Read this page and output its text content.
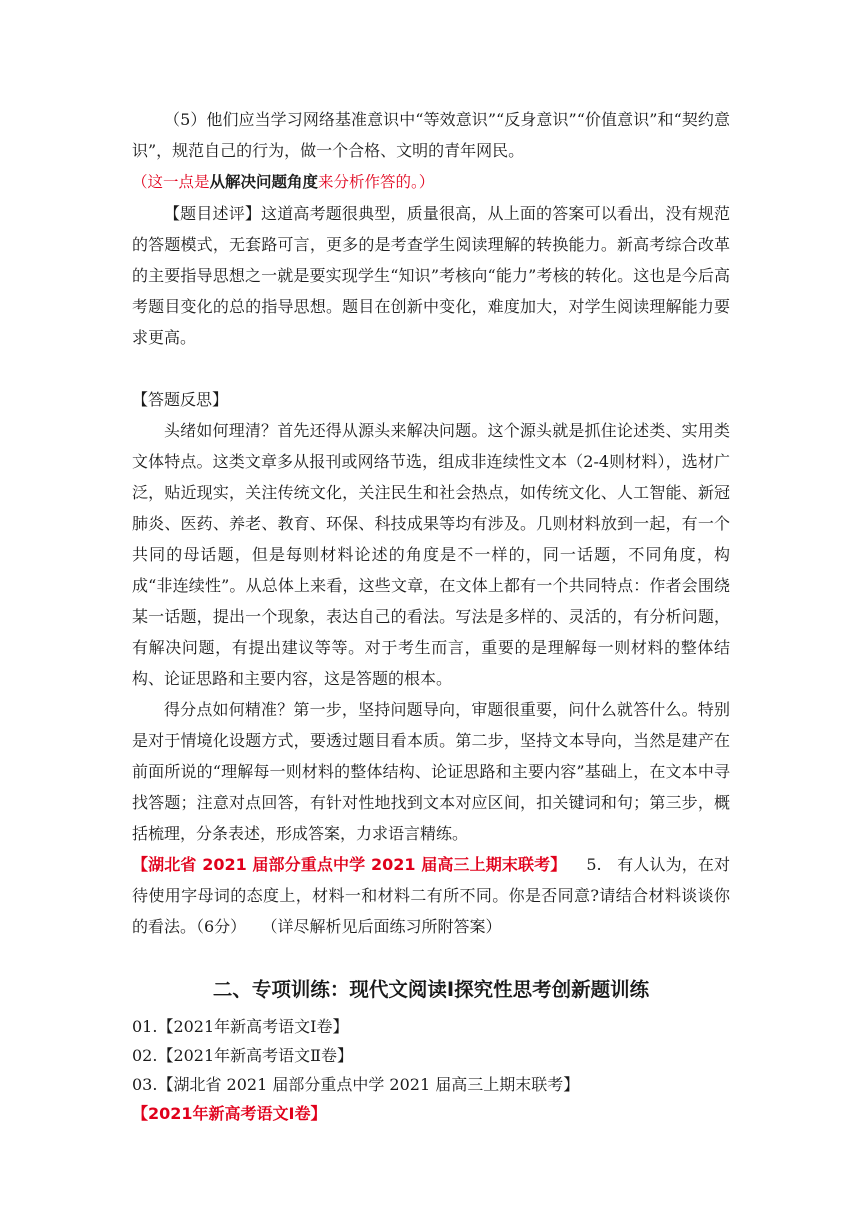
（5）他们应当学习网络基准意识中“等效意识”“反身意识”“价值意识”和“契约意识”，规范自己的行为，做一个合格、文明的青年网民。

（这一点是从解决问题角度来分析作答的。）

【题目述评】这道高考题很典型，质量很高，从上面的答案可以看出，没有规范的答题模式，无套路可言，更多的是考查学生阅读理解的转换能力。新高考综合改革的主要指导思想之一就是要实现学生“知识”考核向“能力”考核的转化。这也是今后高考题目变化的总的指导思想。题目在创新中变化，难度加大，对学生阅读理解能力要求更高。

【答题反思】

头绪如何理清？首先还得从源头来解决问题。这个源头就是抓住论述类、实用类文体特点。这类文章多从报刊或网络节选，组成非连续性文本（2-4则材料），选材广泛，贴近现实，关注传统文化，关注民生和社会热点，如传统文化、人工智能、新冠肺炎、医药、养老、教育、环保、科技成果等均有涉及。几则材料放到一起，有一个共同的母话题，但是每则材料论述的角度是不一样的，同一话题，不同角度，构成“非连续性”。从总体上来看，这些文章，在文体上都有一个共同特点：作者会围绕某一话题，提出一个现象，表达自己的看法。写法是多样的、灵活的，有分析问题，有解决问题，有提出建议等等。对于考生而言，重要的是理解每一则材料的整体结构、论证思路和主要内容，这是答题的根本。

得分点如何精准？第一步，坚持问题导向，审题很重要，问什么就答什么。特别是对于情境化设题方式，要透过题目看本质。第二步，坚持文本导向，当然是建产在前面所说的“理解每一则材料的整体结构、论证思路和主要内容”基础上，在文本中寻找答题；注意对点回答，有针对性地找到文本对应区间，扣关键词和句；第三步，概括梳理，分条表述，形成答案，力求语言精练。

【湖北省 2021 届部分重点中学 2021 届高三上期末联考】 5. 有人认为，在对待使用字母词的态度上，材料一和材料二有所不同。你是否同意?请结合材料谈谈你的看法。（6分） （详尽解析见后面练习所附答案）

二、专项训练：现代文阅读Ⅰ探究性思考创新题训练

01.【2021年新高考语文Ⅰ卷】

02.【2021年新高考语文Ⅱ卷】

03.【湖北省 2021 届部分重点中学 2021 届高三上期末联考】

【2021年新高考语文Ⅰ卷】
